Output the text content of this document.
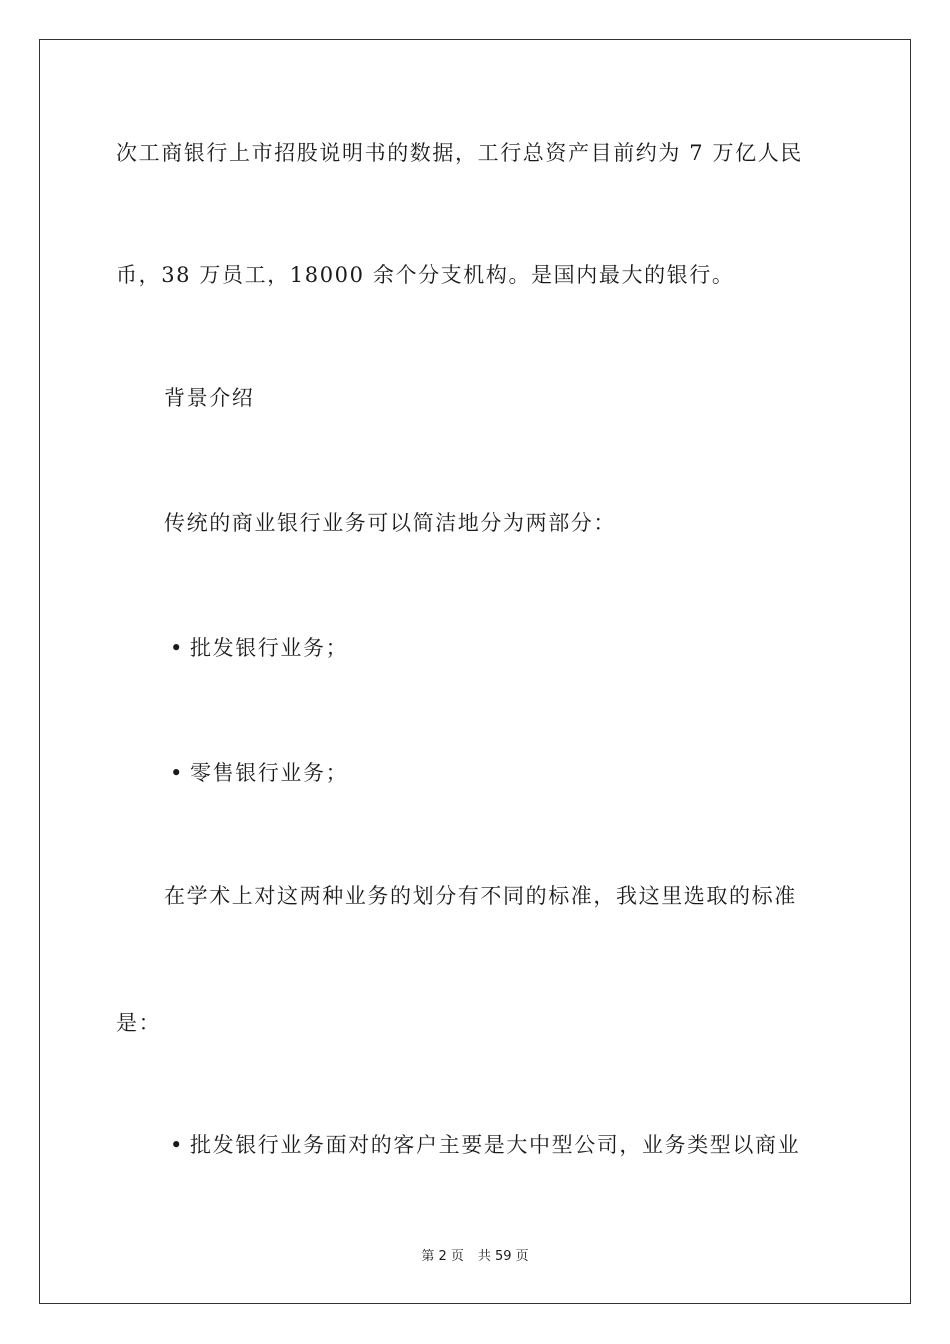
次工商银行上市招股说明书的数据，工行总资产目前约为 7 万亿人民
币，38 万员工，18000 余个分支机构。是国内最大的银行。
背景介绍
传统的商业银行业务可以简洁地分为两部分：
• 批发银行业务；
• 零售银行业务；
在学术上对这两种业务的划分有不同的标准，我这里选取的标准
是：
• 批发银行业务面对的客户主要是大中型公司，业务类型以商业
第 2 页 共 59 页
